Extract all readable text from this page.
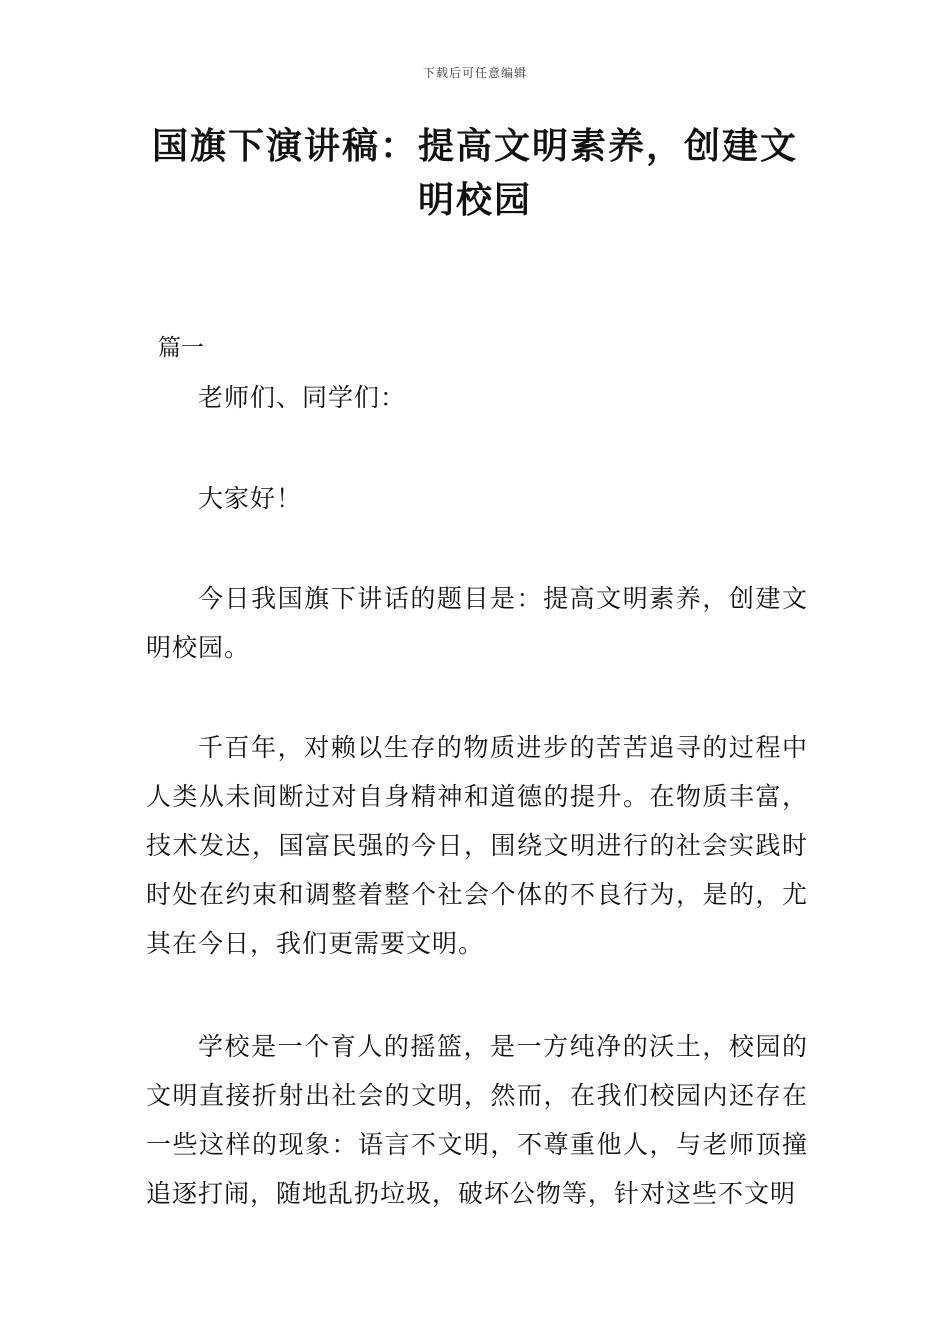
下载后可任意编辑
国旗下演讲稿：提高文明素养，创建文明校园
篇一

老师们、同学们：

大家好！

今日我国旗下讲话的题目是：提高文明素养，创建文明校园。

千百年，对赖以生存的物质进步的苦苦追寻的过程中人类从未间断过对自身精神和道德的提升。在物质丰富，技术发达，国富民强的今日，围绕文明进行的社会实践时时处在约束和调整着整个社会个体的不良行为，是的，尤其在今日，我们更需要文明。

学校是一个育人的摇篮，是一方纯净的沃土，校园的文明直接折射出社会的文明，然而，在我们校园内还存在一些这样的现象：语言不文明，不尊重他人，与老师顶撞追逐打闹，随地乱扔垃圾，破坏公物等，针对这些不文明
